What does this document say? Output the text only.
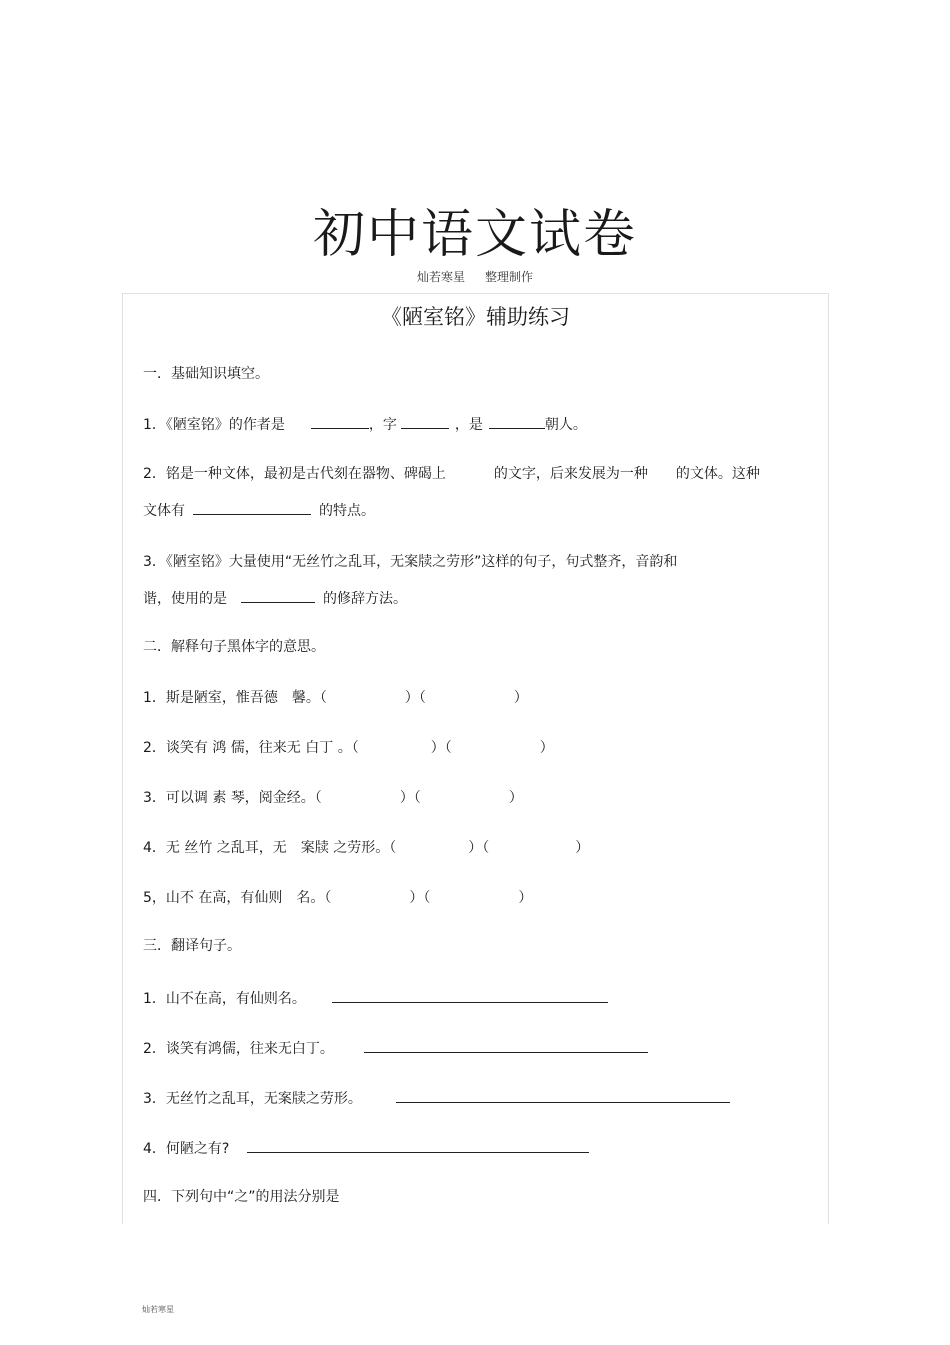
初中语文试卷
灿若寒星 整理制作
《陋室铭》辅助练习
一．基础知识填空。
1．《陋室铭》的作者是	，字	，是	朝人。
2．铭是一种文体，最初是古代刻在器物、碑碣上	的文字，后来发展为一种 的文体。这种
文体有	的特点。
3．《陋室铭》大量使用“无丝竹之乱耳，无案牍之劳形”这样的句子，句式整齐，音韵和
谐，使用的是	的修辞方法。
二．解释句子黑体字的意思。
1．斯是陋室，惟吾德　馨。（	）（	）
2．谈笑有 鸿 儒，往来无 白丁 。（	）（	）
3．可以调 素 琴，阅金经。（	）（	）
4．无 丝竹 之乱耳，无　案牍 之劳形。（	）（	）
5，山不 在高，有仙则　名。（	）（	）
三．翻译句子。
1．山不在高，有仙则名。
2．谈笑有鸿儒，往来无白丁。
3．无丝竹之乱耳，无案牍之劳形。
4．何陋之有?
四．下列句中“之”的用法分别是
灿若寒星
